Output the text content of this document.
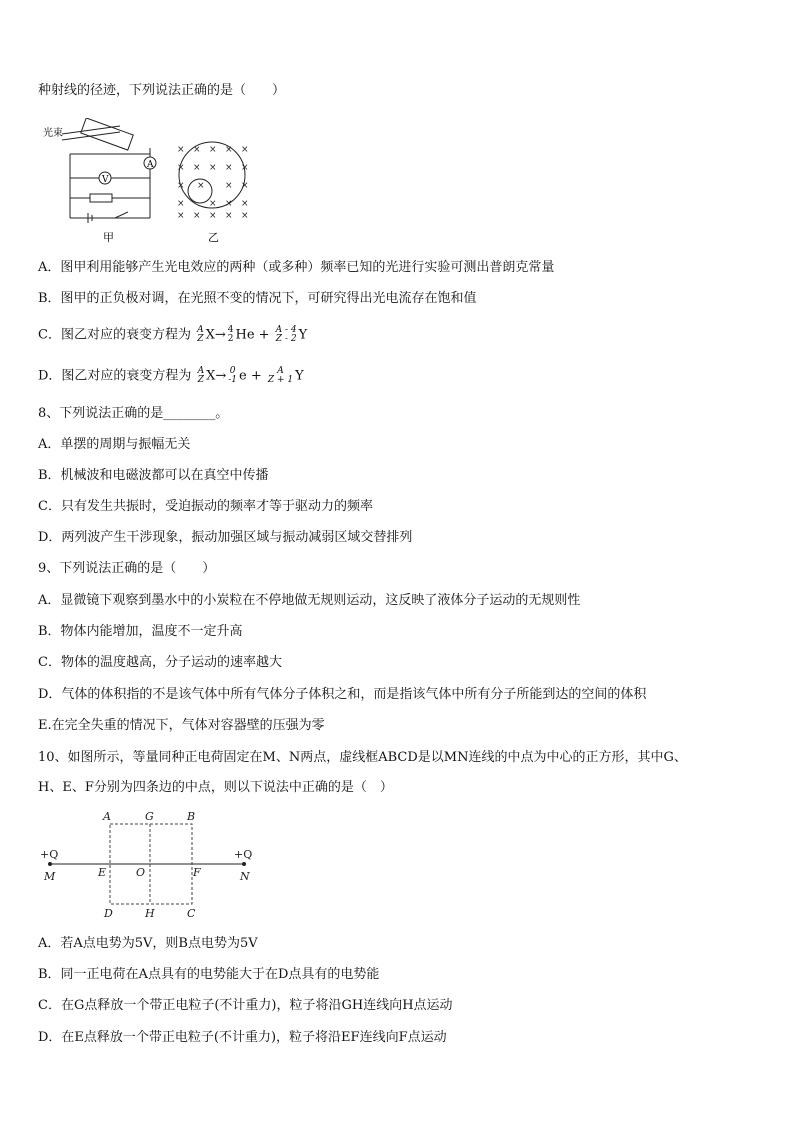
种射线的径迹，下列说法正确的是（　　）
光束
A
V
甲
× × × × ×
× × × × ×
× × × ×
×	× × ×
× × × × ×
乙
A．图甲利用能够产生光电效应的两种（或多种）频率已知的光进行实验可测出普朗克常量
B．图甲的正负极对调，在光照不变的情况下，可研究得出光电流存在饱和值
C．图乙对应的衰变方程为 A
Z X→ 4
2 He + A - 4
Z - 2 Y
D．图乙对应的衰变方程为 A
Z X→ 0
-1 e +	A
Z + 1 Y
8、下列说法正确的是________。
A．单摆的周期与振幅无关
B．机械波和电磁波都可以在真空中传播
C．只有发生共振时，受迫振动的频率才等于驱动力的频率
D．两列波产生干涉现象，振动加强区域与振动减弱区域交替排列
9、下列说法正确的是（　　）
A．显微镜下观察到墨水中的小炭粒在不停地做无规则运动，这反映了液体分子运动的无规则性
B．物体内能增加，温度不一定升高
C．物体的温度越高，分子运动的速率越大
D．气体的体积指的不是该气体中所有气体分子体积之和，而是指该气体中所有分子所能到达的空间的体积
E.在完全失重的情况下，气体对容器壁的压强为零
10、如图所示，等量同种正电荷固定在M、N两点，虚线框ABCD是以MN连线的中点为中心的正方形，其中G、
H、E、F分别为四条边的中点，则以下说法中正确的是（　）
+Q	+Q
M	N
A	G	B
E	O	F
D	H	C
A．若A点电势为5V，则B点电势为5V
B．同一正电荷在A点具有的电势能大于在D点具有的电势能
C．在G点释放一个带正电粒子(不计重力)，粒子将沿GH连线向H点运动
D．在E点释放一个带正电粒子(不计重力)，粒子将沿EF连线向F点运动
